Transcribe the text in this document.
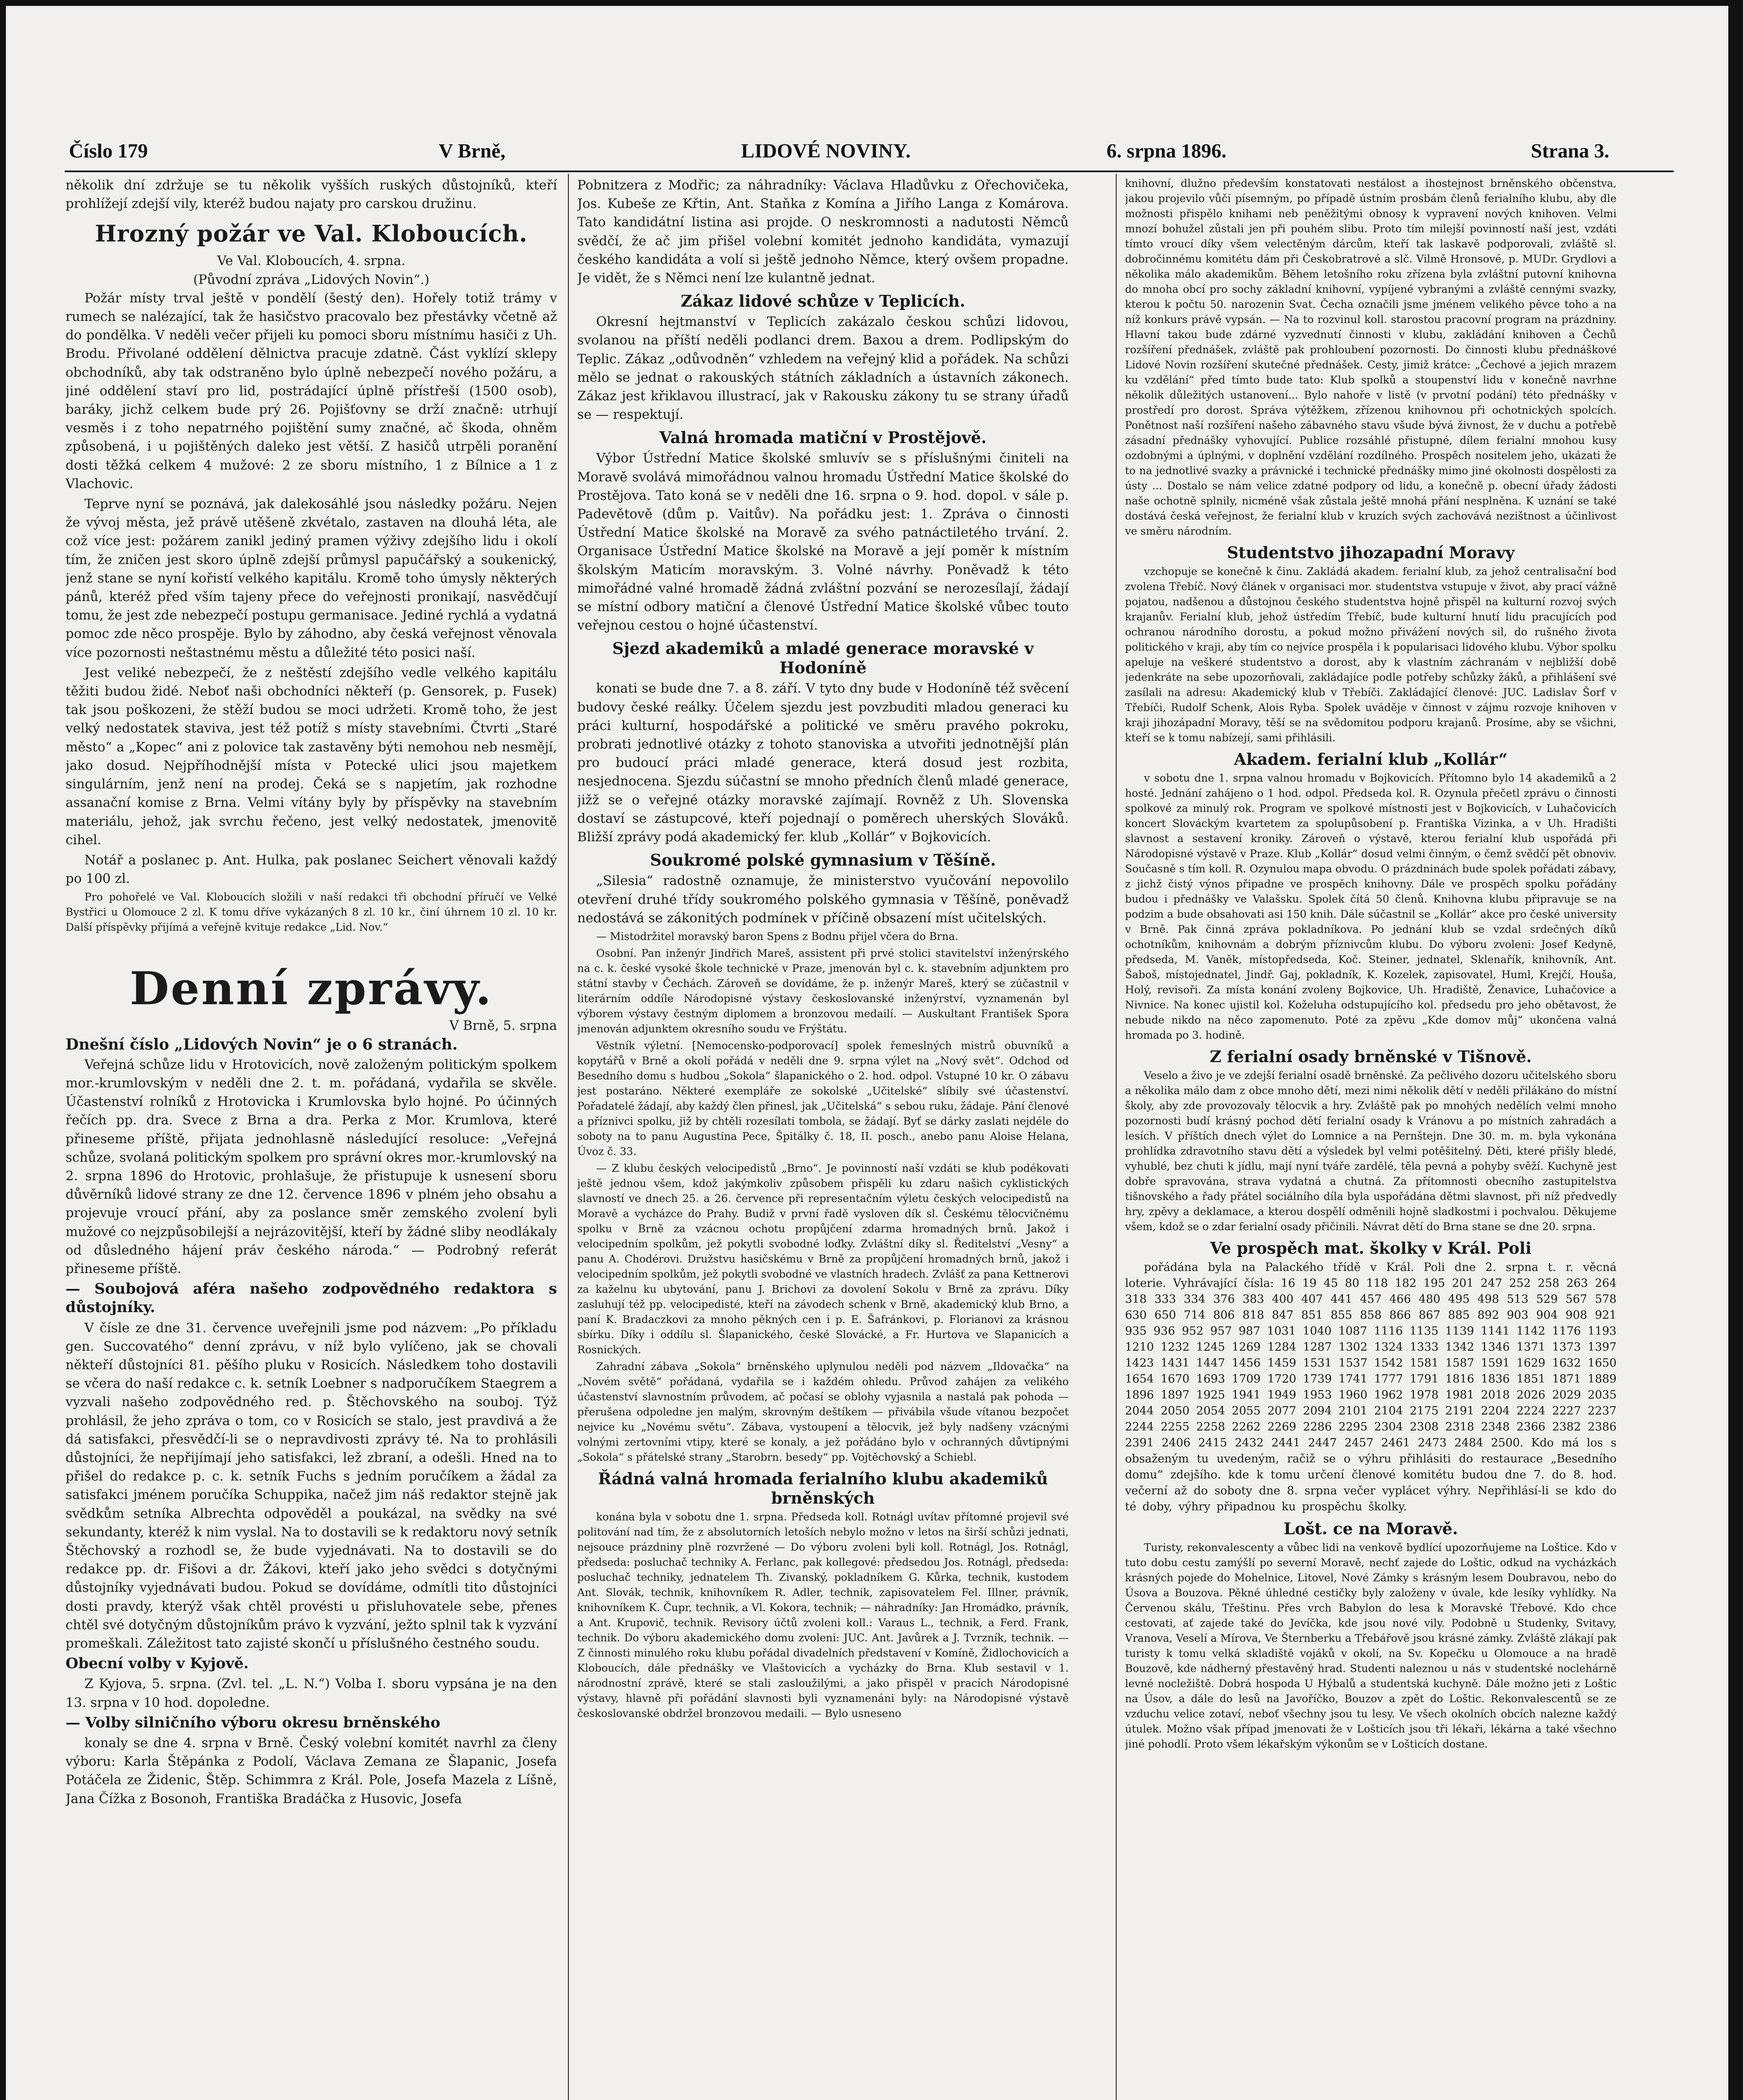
Číslo 179	V Brně,	LIDOVÉ NOVINY.	6. srpna 1896.	Strana 3.

několik dní zdržuje se tu několik vyšších ruských důstojníků, kteří prohlížejí zdejší vily, kteréž budou najaty pro carskou družinu.

Hrozný požár ve Val. Kloboucích.

Ve Val. Kloboucích, 4. srpna.

(Původní zpráva „Lidových Novin“.)

Požár místy trval ještě v pondělí (šestý den). Hořely totiž trámy v rumech se nalézající, tak že hasičstvo pracovalo bez přestávky včetně až do pondělka. V neděli večer přijeli ku pomoci sboru místnímu hasiči z Uh. Brodu. Přivolané oddělení dělnictva pracuje zdatně. Část vyklízí sklepy obchodníků, aby tak odstraněno bylo úplně nebezpečí nového požáru, a jiné oddělení staví pro lid, postrádající úplně přístřeší (1500 osob), baráky, jichž celkem bude prý 26. Pojišťovny se drží značně: utrhují vesměs i z toho nepatrného pojištění sumy značné, ač škoda, ohněm způsobená, i u pojištěných daleko jest větší. Z hasičů utrpěli poranění dosti těžká celkem 4 mužové: 2 ze sboru místního, 1 z Bílnice a 1 z Vlachovic.

Teprve nyní se poznává, jak dalekosáhlé jsou následky požáru. Nejen že vývoj města, jež právě utěšeně zkvétalo, zastaven na dlouhá léta, ale což více jest: požárem zanikl jediný pramen výživy zdejšího lidu i okolí tím, že zničen jest skoro úplně zdejší průmysl papučářský a soukenický, jenž stane se nyní kořistí velkého kapitálu. Kromě toho úmysly některých pánů, kteréž před vším tajeny přece do veřejnosti pronikají, nasvědčují tomu, že jest zde nebezpečí postupu germanisace. Jediné rychlá a vydatná pomoc zde něco prospěje. Bylo by záhodno, aby česká veřejnost věnovala více pozornosti neštastnému městu a důležité této posici naší.

Jest veliké nebezpečí, že z neštěstí zdejšího vedle velkého kapitálu těžiti budou židé. Neboť naši obchodníci někteří (p. Gensorek, p. Fusek) tak jsou poškozeni, že stěží budou se moci udržeti. Kromě toho, že jest velký nedostatek staviva, jest též potíž s místy stavebními. Čtvrti „Staré město“ a „Kopec“ ani z polovice tak zastavěny býti nemohou neb nesmějí, jako dosud. Nejpříhodnější místa v Potecké ulici jsou majetkem singulárním, jenž není na prodej. Čeká se s napjetím, jak rozhodne assanační komise z Brna. Velmi vítány byly by příspěvky na stavebním materiálu, jehož, jak svrchu řečeno, jest velký nedostatek, jmenovitě cihel.

Notář a poslanec p. Ant. Hulka, pak poslanec Seichert věnovali každý po 100 zl.

Pro pohořelé ve Val. Kloboucích složili v naší redakci tři obchodní příručí ve Velké Bystřici u Olomouce 2 zl. K tomu dříve vykázaných 8 zl. 10 kr., činí úhrnem 10 zl. 10 kr. Další příspěvky přijímá a veřejně kvituje redakce „Lid. Nov.“

Denní zprávy.

V Brně, 5. srpna

Dnešní číslo „Lidových Novin“ je o 6 stranách.

Veřejná schůze lidu v Hrotovicích, nově založeným politickým spolkem mor.-krumlovským v neděli dne 2. t. m. pořádaná, vydařila se skvěle. Účastenství rolníků z Hrotovicka i Krumlovska bylo hojné. Po účinných řečích pp. dra. Svece z Brna a dra. Perka z Mor. Krumlova, které přineseme příště, přijata jednohlasně následující resoluce: „Veřejná schůze, svolaná politickým spolkem pro správní okres mor.-krumlovský na 2. srpna 1896 do Hrotovic, prohlašuje, že přistupuje k usnesení sboru důvěrníků lidové strany ze dne 12. července 1896 v plném jeho obsahu a projevuje vroucí přání, aby za poslance směr zemského zvolení byli mužové co nejzpůsobilejší a nejrázovitější, kteří by žádné sliby neodlákaly od důsledného hájení práv českého národa.“ — Podrobný referát přineseme příště.

— Soubojová aféra našeho zodpovědného redaktora s důstojníky.

V čísle ze dne 31. července uveřejnili jsme pod názvem: „Po příkladu gen. Succovatého“ denní zprávu, v níž bylo vylíčeno, jak se chovali někteří důstojníci 81. pěšího pluku v Rosicích. Následkem toho dostavili se včera do naší redakce c. k. setník Loebner s nadporučíkem Staegrem a vyzvali našeho zodpovědného red. p. Štěchovského na souboj. Týž prohlásil, že jeho zpráva o tom, co v Rosicích se stalo, jest pravdivá a že dá satisfakci, přesvědčí-li se o nepravdivosti zprávy té. Na to prohlásili důstojníci, že nepřijímají jeho satisfakci, lež zbraní, a odešli. Hned na to přišel do redakce p. c. k. setník Fuchs s jedním poručíkem a žádal za satisfakci jménem poručíka Schuppika, načež jim náš redaktor stejně jak svědkům setníka Albrechta odpověděl a poukázal, na svědky na své sekundanty, kteréž k nim vyslal. Na to dostavili se k redaktoru nový setník Štěchovský a rozhodl se, že bude vyjednávati. Na to dostavili se do redakce pp. dr. Fišovi a dr. Žákovi, kteří jako jeho svědci s dotyčnými důstojníky vyjednávati budou. Pokud se dovídáme, odmítli tito důstojníci dosti pravdy, kterýž však chtěl provésti u přisluhovatele sebe, přenes chtěl své dotyčným důstojníkům právo k vyzvání, ježto splnil tak k vyzvání promeškali. Záležitost tato zajisté skončí u příslušného čestného soudu.

Obecní volby v Kyjově.

Z Kyjova, 5. srpna. (Zvl. tel. „L. N.“) Volba I. sboru vypsána je na den 13. srpna v 10 hod. dopoledne.

— Volby silničního výboru okresu brněnského

konaly se dne 4. srpna v Brně. Český volební komitét navrhl za členy výboru: Karla Štěpánka z Podolí, Václava Zemana ze Šlapanic, Josefa Potáčela ze Židenic, Štěp. Schimmra z Král. Pole, Josefa Mazela z Líšně, Jana Čížka z Bosonoh, Františka Bradáčka z Husovic, Josefa

Pobnitzera z Modřic; za náhradníky: Václava Hladůvku z Ořechovičeka, Jos. Kubeše ze Křtin, Ant. Staňka z Komína a Jiřího Langa z Komárova. Tato kandidátní listina asi projde. O neskromnosti a nadutosti Němců svědčí, že ač jim přišel volební komitét jednoho kandidáta, vymazují českého kandidáta a volí si ještě jednoho Němce, který ovšem propadne. Je vidět, že s Němci není lze kulantně jednat.

Zákaz lidové schůze v Teplicích.

Okresní hejtmanství v Teplicích zakázalo českou schůzi lidovou, svolanou na příští neděli podlanci drem. Baxou a drem. Podlipským do Teplic. Zákaz „odůvodněn“ vzhledem na veřejný klid a pořádek. Na schůzi mělo se jednat o rakouských státních základních a ústavních zákonech. Zákaz jest křiklavou illustrací, jak v Rakousku zákony tu se strany úřadů se — respektují.

Valná hromada matiční v Prostějově.

Výbor Ústřední Matice školské smluvív se s příslušnými činiteli na Moravě svolává mimořádnou valnou hromadu Ústřední Matice školské do Prostějova. Tato koná se v neděli dne 16. srpna o 9. hod. dopol. v sále p. Padevětově (dům p. Vaitův). Na pořádku jest: 1. Zpráva o činnosti Ústřední Matice školské na Moravě za svého patnáctiletého trvání. 2. Organisace Ústřední Matice školské na Moravě a její poměr k místním školským Maticím moravským. 3. Volné návrhy. Poněvadž k této mimořádné valné hromadě žádná zvláštní pozvání se nerozesílají, žádají se místní odbory matiční a členové Ústřední Matice školské vůbec touto veřejnou cestou o hojné účastenství.

Sjezd akademiků a mladé generace moravské v Hodoníně

konati se bude dne 7. a 8. září. V tyto dny bude v Hodoníně též svěcení budovy české reálky. Účelem sjezdu jest povzbuditi mladou generaci ku práci kulturní, hospodářské a politické ve směru pravého pokroku, probrati jednotlivé otázky z tohoto stanoviska a utvořiti jednotnější plán pro budoucí práci mladé generace, která dosud jest rozbita, nesjednocena. Sjezdu súčastní se mnoho předních členů mladé generace, jižž se o veřejné otázky moravské zajímají. Rovněž z Uh. Slovenska dostaví se zástupcové, kteří pojednají o poměrech uherských Slováků. Bližší zprávy podá akademický fer. klub „Kollár“ v Bojkovicích.

Soukromé polské gymnasium v Těšíně.

„Silesia“ radostně oznamuje, že ministerstvo vyučování nepovolilo otevření druhé třídy soukromého polského gymnasia v Těšíně, poněvadž nedostává se zákonitých podmínek v příčině obsazení míst učitelských.

— Mistodržitel moravský baron Spens z Bodnu přijel včera do Brna.

Osobní. Pan inženýr Jindřich Mareš, assistent při prvé stolici stavitelství inženýrského na c. k. české vysoké škole technické v Praze, jmenován byl c. k. stavebním adjunktem pro státní stavby v Čechách. Zároveň se dovídáme, že p. inženýr Mareš, který se zúčastnil v literárním oddíle Národopisné výstavy českoslovanské inženýrství, vyznamenán byl výborem výstavy čestným diplomem a bronzovou medailí. — Auskultant František Spora jmenován adjunktem okresního soudu ve Frýštátu.

Věstník výletní. [Nemocensko-podporovací] spolek řemeslných mistrů obuvníků a kopytářů v Brně a okolí pořádá v neděli dne 9. srpna výlet na „Nový svět“. Odchod od Besedního domu s hudbou „Sokola“ šlapanického o 2. hod. odpol. Vstupné 10 kr. O zábavu jest postaráno. Některé exempláře ze sokolské „Učitelské“ slíbily své účastenství. Pořadatelé žádají, aby každý člen přinesl, jak „Učitelská“ s sebou ruku, žádaje. Pání členové a příznivci spolku, již by chtěli rozesílati tombola, se žádají. Byť se dárky zaslati nejdéle do soboty na to panu Augustina Pece, Špitálky č. 18, II. posch., anebo panu Aloise Helana, Úvoz č. 33.

— Z klubu českých velocipedistů „Brno“. Je povinností naší vzdáti se klub podékovati ještě jednou všem, kdož jakýmkoliv způsobem přispěli ku zdaru našich cyklistických slavností ve dnech 25. a 26. července při representačním výletu českých velocipedistů na Moravě a vycházce do Prahy. Budiž v první řadě vysloven dík sl. Českému tělocvičnému spolku v Brně za vzácnou ochotu propůjčení zdarma hromadných brnů. Jakož i velocipedním spolkům, jež pokytli svobodné loďky. Zvláštní díky sl. Ředitelství „Vesny“ a panu A. Chodérovi. Družstvu hasičskému v Brně za propůjčení hromadných brnů, jakož i velocipedním spolkům, jež pokytli svobodné ve vlastních hradech. Zvlášť za pana Kettnerovi za kaželnu ku ubytování, panu J. Brichovi za dovolení Sokolu v Brně za zprávu. Díky zasluhují též pp. velocipedisté, kteří na závodech schenk v Brně, akademický klub Brno, a paní K. Bradaczkovi za mnoho pěkných cen i p. E. Šafránkovi, p. Florianovi za krásnou sbírku. Díky i oddílu sl. Šlapanického, české Slovácké, a Fr. Hurtova ve Slapanicích a Rosnických.

Zahradní zábava „Sokola“ brněnského uplynulou neděli pod názvem „Ildovačka“ na „Novém světě“ pořádaná, vydařila se i každém ohledu. Průvod zahájen za velikého účastenství slavnostním průvodem, ač počasí se oblohy vyjasnila a nastalá pak pohoda — přerušena odpoledne jen malým, skrovným deštíkem — přivábila všude vítanou bezpočet nejvice ku „Novému světu“. Zábava, vystoupení a tělocvik, jež byly nadšeny vzácnými volnými zertovními vtipy, které se konaly, a jež pořádáno bylo v ochranných důvtipnými „Sokola“ s přátelské strany „Starobrn. besedy“ pp. Vojtěchovský a Schiebl.

Řádná valná hromada ferialního klubu akademiků brněnských

konána byla v sobotu dne 1. srpna. Předseda koll. Rotnágl uvítav přítomné projevil své politování nad tím, že z absolutorních letoších nebylo možno v letos na širší schůzi jednati, nejsouce prázdniny plně rozvržené — Do výboru zvoleni byli koll. Rotnágl, Jos. Rotnágl, předseda: posluchač techniky A. Ferlanc, pak kollegové: předsedou Jos. Rotnágl, předseda: posluchač techniky, jednatelem Th. Zivanský, pokladníkem G. Kůrka, technik, kustodem Ant. Slovák, technik, knihovníkem R. Adler, technik, zapisovatelem Fel. Illner, právník, knihovníkem K. Čupr, technik, a Vl. Kokora, technik; — náhradníky: Jan Hromádko, právník, a Ant. Krupovič, technik. Revisory účtů zvoleni koll.: Varaus L., technik, a Ferd. Frank, technik. Do výboru akademického domu zvoleni: JUC. Ant. Javůrek a J. Tvrzník, technik. — Z činnosti minulého roku klubu pořádal divadelních představení v Komíně, Židlochovicích a Kloboucích, dále přednášky ve Vlaštovicích a vycházky do Brna. Klub sestavil v 1. národnostní zprávě, které se stali zasloužilými, a jako přispěl v pracích Národopisné výstavy, hlavně při pořádání slavnosti byli vyznamenáni byly: na Národopisné výstavě českoslovanské obdržel bronzovou medaili. — Bylo usneseno

knihovní, dlužno především konstatovati nestálost a ihostejnost brněnského občenstva, jakou projevilo vůči písemným, po případě ústním prosbám členů ferialního klubu, aby dle možnosti přispělo knihami neb peněžitými obnosy k vypravení nových knihoven. Velmi mnozí bohužel zůstali jen při pouhém slibu. Proto tím milejší povinností naší jest, vzdáti tímto vroucí díky všem velectěným dárcům, kteří tak laskavě podporovali, zvláště sl. dobročinnému komitétu dám při Českobratrové a slč. Vilmě Hronsové, p. MUDr. Grydlovi a několika málo akademikům. Během letošního roku zřízena byla zvláštní putovní knihovna do mnoha obcí pro sochy základní knihovní, vypíjené vybranými a zvláště cennými svazky, kterou k počtu 50. narozenin Svat. Čecha označili jsme jménem velikého pěvce toho a na níž konkurs právě vypsán. — Na to rozvinul koll. starostou pracovní program na prázdniny. Hlavní takou bude zdárné vyzvednutí činnosti v klubu, zakládání knihoven a Čechů rozšíření přednášek, zvláště pak prohloubení pozornosti. Do činnosti klubu přednáškové Lidové Novin rozšíření skutečné přednášek. Cesty, jimiž krátce: „Čechové a jejich mrazem ku vzdělání“ před tímto bude tato: Klub spolků a stoupenství lidu v konečně navrhne několik důležitých ustanovení... Bylo nahoře v listě (v prvotní podání) této přednášky v prostředí pro dorost. Správa výtěžkem, zřízenou knihovnou při ochotnických spolcích. Ponětnost naší rozšíření našeho zábavného stavu všude bývá živnost, že v duchu a potřebě zásadní přednášky vyhovující. Publice rozsáhlé přistupné, dílem ferialní mnohou kusy ozdobnými a úplnými, v doplnění vzdělání rozdílného. Prospěch nositelem jeho, ukázati že to na jednotlivé svazky a právnické i technické přednášky mimo jiné okolnosti dospělosti za ústy ... Dostalo se nám velice zdatné podpory od lidu, a konečně p. obecní úřady žádosti naše ochotně splnily, nicméně však zůstala ještě mnohá přání nesplněna. K uznání se také dostává česká veřejnost, že ferialní klub v kruzích svých zachovává nezištnost a účinlivost ve směru národním.

Studentstvo jihozapadní Moravy

vzchopuje se konečně k činu. Zakládá akadem. ferialní klub, za jehož centralisační bod zvolena Třebíč. Nový článek v organisaci mor. studentstva vstupuje v život, aby prací vážně pojatou, nadšenou a důstojnou českého studentstva hojně přispěl na kulturní rozvoj svých krajanův. Ferialní klub, jehož ústředím Třebíč, bude kulturní hnutí lidu pracujících pod ochranou národního dorostu, a pokud možno přivážení nových sil, do rušného života politického v kraji, aby tím co nejvíce prospěla i k popularisaci lidového klubu. Výbor spolku apeluje na veškeré studentstvo a dorost, aby k vlastním záchranám v nejbližší době jedenkráte na sebe upozorňovali, zakládajíce podle potřeby schůzky žáků, a přihlášení své zasílali na adresu: Akademický klub v Třebíči. Zakládající členové: JUC. Ladislav Šorf v Třebíči, Rudolf Schenk, Alois Ryba. Spolek uváděje v činnost v zájmu rozvoje knihoven v kraji jihozápadní Moravy, těší se na svědomitou podporu krajanů. Prosíme, aby se všichni, kteří se k tomu nabízejí, sami přihlásili.

Akadem. ferialní klub „Kollár“

v sobotu dne 1. srpna valnou hromadu v Bojkovicích. Přítomno bylo 14 akademiků a 2 hosté. Jednání zahájeno o 1 hod. odpol. Předseda kol. R. Ozynula přečetl zprávu o činnosti spolkové za minulý rok. Program ve spolkové místnosti jest v Bojkovicích, v Luhačovicích koncert Slováckým kvartetem za spolupůsobení p. Františka Vizinka, a v Uh. Hradišti slavnost a sestavení kroniky. Zároveň o výstavě, kterou ferialní klub uspořádá při Národopisné výstavě v Praze. Klub „Kollár“ dosud velmi činným, o čemž svědčí pět obnoviv. Současně s tím koll. R. Ozynulou mapa obvodu. O prázdninách bude spolek pořádati zábavy, z jichž čistý výnos připadne ve prospěch knihovny. Dále ve prospěch spolku pořádány budou i přednášky ve Valašsku. Spolek čítá 50 členů. Knihovna klubu připravuje se na podzim a bude obsahovati asi 150 knih. Dále súčastnil se „Kollár“ akce pro české university v Brně. Pak činná zpráva pokladníkova. Po jednání klub se vzdal srdečných díků ochotníkům, knihovnám a dobrým příznivcům klubu. Do výboru zvoleni: Josef Kedyně, předseda, M. Vaněk, místopředseda, Koč. Steiner, jednatel, Sklenařík, knihovník, Ant. Šaboš, místojednatel, Jindř. Gaj, pokladník, K. Kozelek, zapisovatel, Huml, Krejčí, Houša, Holý, revisoři. Za místa konání zvoleny Bojkovice, Uh. Hradiště, Ženavice, Luhačovice a Nivnice. Na konec ujistil kol. Koželuha odstupujícího kol. předsedu pro jeho obětavost, že nebude nikdo na něco zapomenuto. Poté za zpěvu „Kde domov můj“ ukončena valná hromada po 3. hodině.

Z ferialní osady brněnské v Tišnově.

Veselo a živo je ve zdejší ferialní osadě brněnské. Za pečlivého dozoru učitelského sboru a několika málo dam z obce mnoho dětí, mezi nimi několik dětí v neděli přilákáno do místní školy, aby zde provozovaly tělocvik a hry. Zvláště pak po mnohých nedělích velmi mnoho pozornosti budí krásný pochod dětí ferialní osady k Vránovu a po místních zahradách a lesích. V příštích dnech výlet do Lomnice a na Pernštejn. Dne 30. m. m. byla vykonána prohlídka zdravotního stavu dětí a výsledek byl velmi potěšitelný. Děti, které přišly bledé, vyhublé, bez chuti k jídlu, mají nyní tváře zardělé, těla pevná a pohyby svěží. Kuchyně jest dobře spravována, strava vydatná a chutná. Za přítomnosti obecního zastupitelstva tišnovského a řady přátel sociálního díla byla uspořádána dětmi slavnost, při níž předvedly hry, zpěvy a deklamace, a kterou dospělí odměnili hojně sladkostmi i pochvalou. Děkujeme všem, kdož se o zdar ferialní osady přičinili. Návrat dětí do Brna stane se dne 20. srpna.

Ve prospěch mat. školky v Král. Poli

pořádána byla na Palackého třídě v Král. Poli dne 2. srpna t. r. věcná loterie. Vyhrávající čísla: 16 19 45 80 118 182 195 201 247 252 258 263 264 318 333 334 376 383 400 407 441 457 466 480 495 498 513 529 567 578 630 650 714 806 818 847 851 855 858 866 867 885 892 903 904 908 921 935 936 952 957 987 1031 1040 1087 1116 1135 1139 1141 1142 1176 1193 1210 1232 1245 1269 1284 1287 1302 1324 1333 1342 1346 1371 1373 1397 1423 1431 1447 1456 1459 1531 1537 1542 1581 1587 1591 1629 1632 1650 1654 1670 1693 1709 1720 1739 1741 1777 1791 1816 1836 1851 1871 1889 1896 1897 1925 1941 1949 1953 1960 1962 1978 1981 2018 2026 2029 2035 2044 2050 2054 2055 2077 2094 2101 2104 2175 2191 2204 2224 2227 2237 2244 2255 2258 2262 2269 2286 2295 2304 2308 2318 2348 2366 2382 2386 2391 2406 2415 2432 2441 2447 2457 2461 2473 2484 2500. Kdo má los s obsaženým tu uvedeným, račiž se o výhru přihlásiti do restaurace „Besedního domu“ zdejšího. kde k tomu určení členové komitétu budou dne 7. do 8. hod. večerní až do soboty dne 8. srpna večer vyplácet výhry. Nepřihlásí-li se kdo do té doby, výhry připadnou ku prospěchu školky.

Lošt. ce na Moravě.

Turisty, rekonvalescenty a vůbec lidi na venkově bydlící upozorňujeme na Loštice. Kdo v tuto dobu cestu zamýšlí po severní Moravě, nechť zajede do Loštic, odkud na vycházkách krásných pojede do Mohelnice, Litovel, Nové Zámky s krásným lesem Doubravou, nebo do Úsova a Bouzova. Pěkné úhledné cestičky byly založeny v úvale, kde lesíky vyhlídky. Na Červenou skálu, Třeštinu. Přes vrch Babylon do lesa k Moravské Třebové. Kdo chce cestovati, ať zajede také do Jevíčka, kde jsou nové vily. Podobně u Studenky, Svitavy, Vranova, Veselí a Mírova, Ve Šternberku a Třebářově jsou krásné zámky. Zvláště zlákají pak turisty k tomu velká skladiště vojáků v okolí, na Sv. Kopečku u Olomouce a na hradě Bouzově, kde nádherný přestavěný hrad. Studenti naleznou u nás v studentské noclehárně levné nocležiště. Dobrá hospoda U Hýbalů a studentská kuchyně. Dále možno jeti z Loštic na Úsov, a dále do lesů na Javoříčko, Bouzov a zpět do Loštic. Rekonvalescentů se ze vzduchu velice zotaví, neboť všechny jsou tu lesy. Ve všech okolních obcích nalezne každý útulek. Možno však případ jmenovati že v Lošticích jsou tři lékaři, lékárna a také všechno jiné pohodlí. Proto všem lékařským výkonům se v Lošticích dostane.
